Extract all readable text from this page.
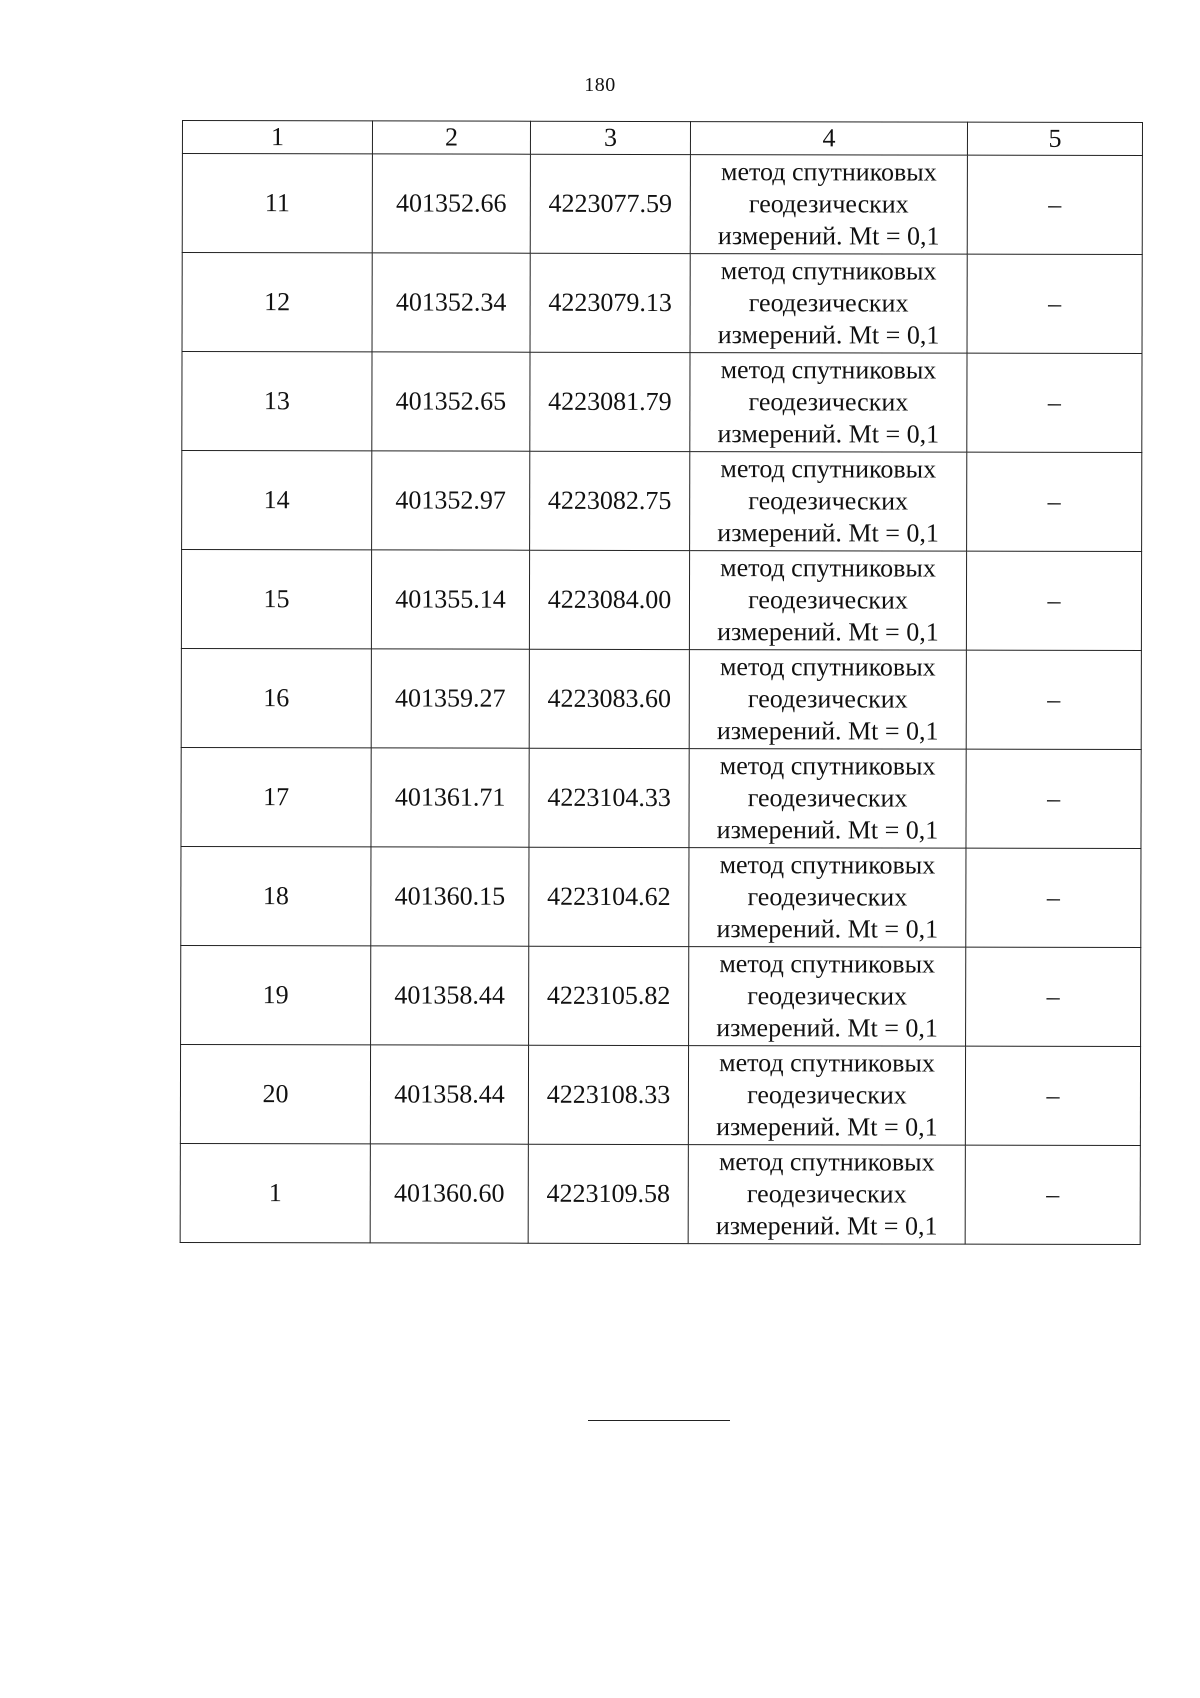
180
1	2	3	4	5
11	401352.66	4223077.59	метод спутниковых
геодезических
измерений. Mt = 0,1	–
12	401352.34	4223079.13	метод спутниковых
геодезических
измерений. Mt = 0,1	–
13	401352.65	4223081.79	метод спутниковых
геодезических
измерений. Mt = 0,1	–
14	401352.97	4223082.75	метод спутниковых
геодезических
измерений. Mt = 0,1	–
15	401355.14	4223084.00	метод спутниковых
геодезических
измерений. Mt = 0,1	–
16	401359.27	4223083.60	метод спутниковых
геодезических
измерений. Mt = 0,1	–
17	401361.71	4223104.33	метод спутниковых
геодезических
измерений. Mt = 0,1	–
18	401360.15	4223104.62	метод спутниковых
геодезических
измерений. Mt = 0,1	–
19	401358.44	4223105.82	метод спутниковых
геодезических
измерений. Mt = 0,1	–
20	401358.44	4223108.33	метод спутниковых
геодезических
измерений. Mt = 0,1	–
1	401360.60	4223109.58	метод спутниковых
геодезических
измерений. Mt = 0,1	–
